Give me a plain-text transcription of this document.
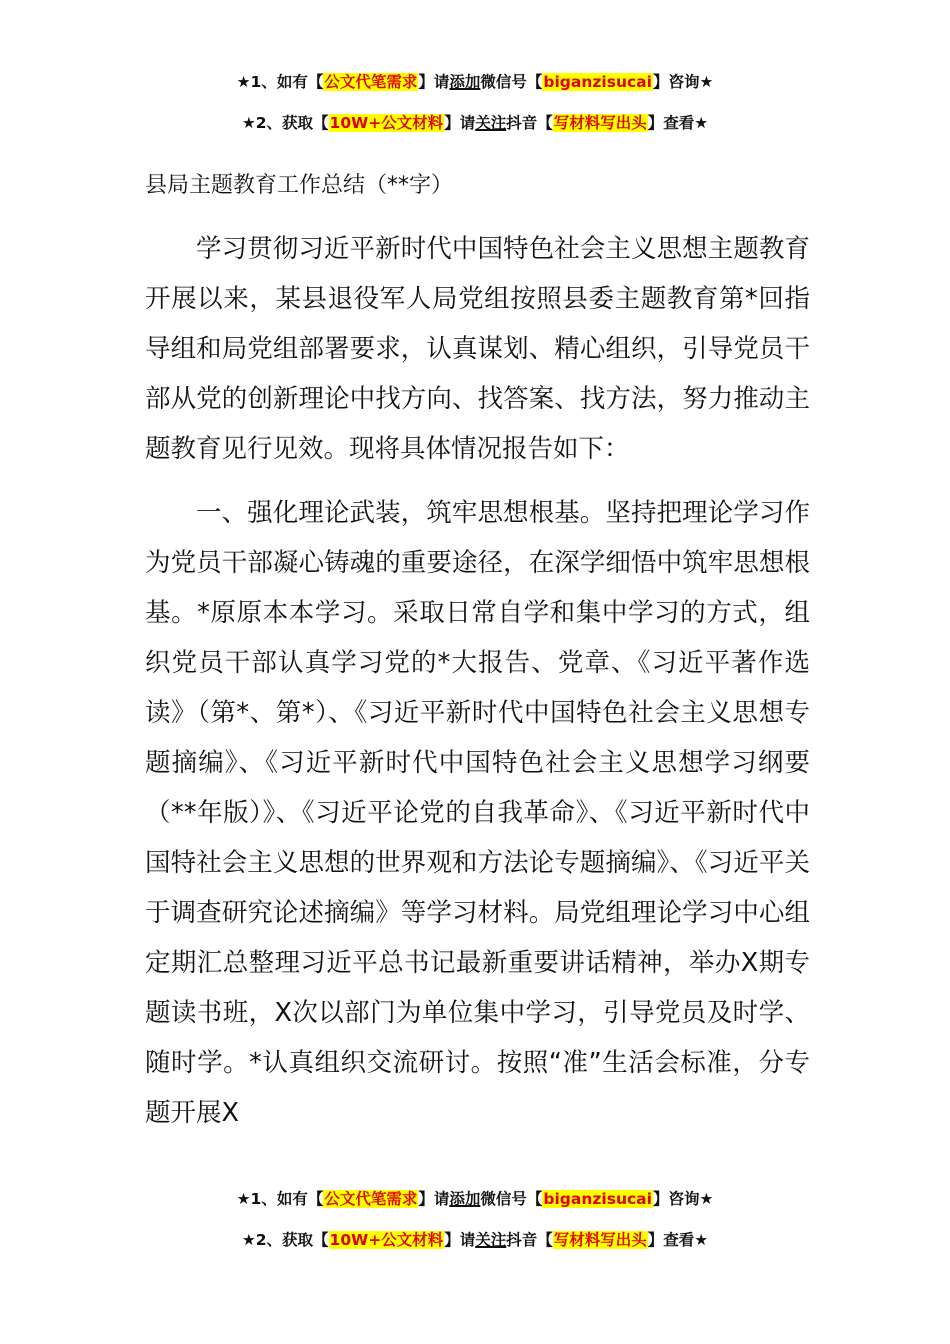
★1、如有【公文代笔需求】请添加微信号【biganzisucai】咨询★
★2、获取【10W+公文材料】请关注抖音【写材料写出头】查看★
县局主题教育工作总结（**字）

学习贯彻习近平新时代中国特色社会主义思想主题教育开展以来，某县退役军人局党组按照县委主题教育第*回指导组和局党组部署要求，认真谋划、精心组织，引导党员干部从党的创新理论中找方向、找答案、找方法，努力推动主题教育见行见效。现将具体情况报告如下：

一、强化理论武装，筑牢思想根基。坚持把理论学习作为党员干部凝心铸魂的重要途径，在深学细悟中筑牢思想根基。*原原本本学习。采取日常自学和集中学习的方式，组织党员干部认真学习党的*大报告、党章、《习近平著作选读》（第*、第*）、《习近平新时代中国特色社会主义思想专题摘编》、《习近平新时代中国特色社会主义思想学习纲要（**年版）》、《习近平论党的自我革命》、《习近平新时代中国特社会主义思想的世界观和方法论专题摘编》、《习近平关于调查研究论述摘编》等学习材料。局党组理论学习中心组定期汇总整理习近平总书记最新重要讲话精神，举办X期专题读书班，X次以部门为单位集中学习，引导党员及时学、随时学。*认真组织交流研讨。按照“准”生活会标准，分专题开展X

★1、如有【公文代笔需求】请添加微信号【biganzisucai】咨询★
★2、获取【10W+公文材料】请关注抖音【写材料写出头】查看★
